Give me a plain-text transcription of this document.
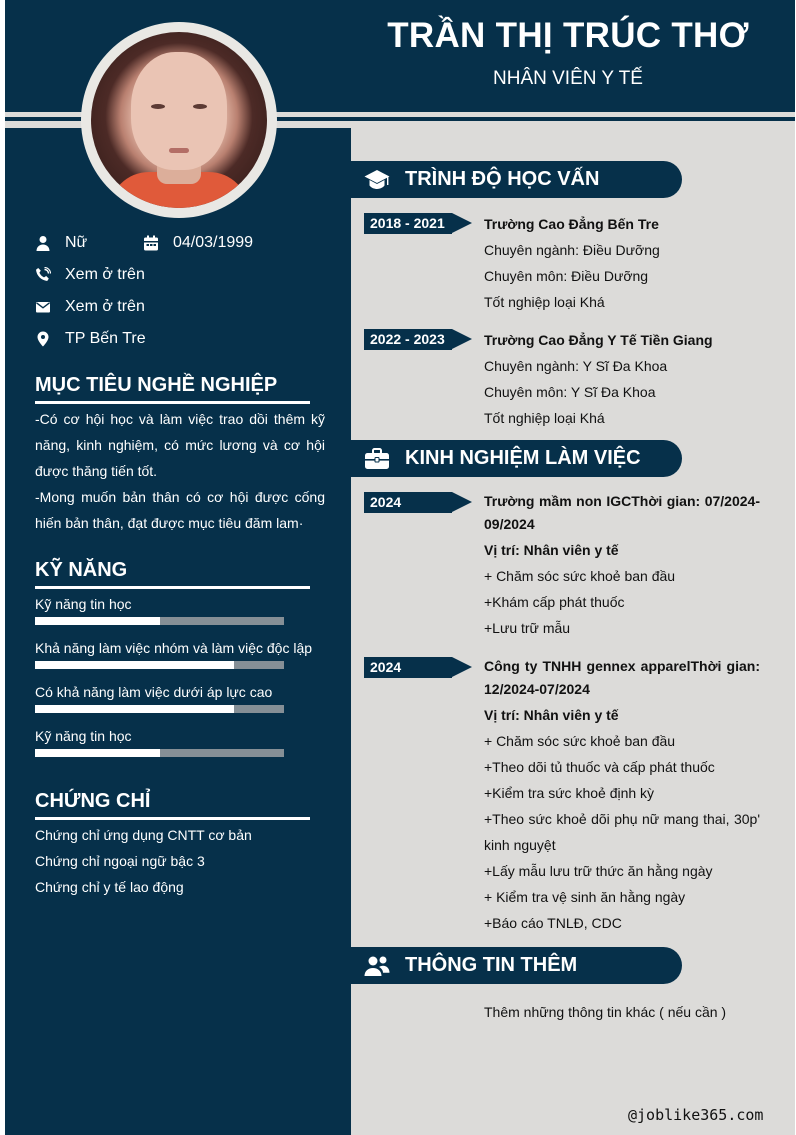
TRẦN THỊ TRÚC THƠ
NHÂN VIÊN Y TẾ
Nữ	04/03/1999
Xem ở trên
Xem ở trên
TP Bến Tre
MỤC TIÊU NGHỀ NGHIỆP
-Có cơ hội học và làm việc trao dồi thêm kỹ năng, kinh nghiệm, có mức lương và cơ hội được thăng tiến tốt.
-Mong muốn bản thân có cơ hội được cống hiến bản thân, đạt được mục tiêu đăm lam·
KỸ NĂNG
Kỹ năng tin học
Khả năng làm việc nhóm và làm việc độc lập
Có khả năng làm việc dưới áp lực cao
Kỹ năng tin học
CHỨNG CHỈ
Chứng chỉ ứng dụng CNTT cơ bản
Chứng chỉ ngoại ngữ bậc 3
Chứng chỉ y tế lao động
TRÌNH ĐỘ HỌC VẤN
2018 - 2021	Trường Cao Đẳng Bến Tre
Chuyên ngành: Điều Dưỡng
Chuyên môn: Điều Dưỡng
Tốt nghiệp loại Khá
2022 - 2023	Trường Cao Đẳng Y Tế Tiền Giang
Chuyên ngành: Y Sĩ Đa Khoa
Chuyên môn: Y Sĩ Đa Khoa
Tốt nghiệp loại Khá
KINH NGHIỆM LÀM VIỆC
2024	Trường mầm non IGCThời gian: 07/2024-09/2024
Vị trí: Nhân viên y tế
+ Chăm sóc sức khoẻ ban đầu
+Khám cấp phát thuốc
+Lưu trữ mẫu
2024	Công ty TNHH gennex apparelThời gian: 12/2024-07/2024
Vị trí: Nhân viên y tế
+ Chăm sóc sức khoẻ ban đầu
+Theo dõi tủ thuốc và cấp phát thuốc
+Kiểm tra sức khoẻ định kỳ
+Theo sức khoẻ dõi phụ nữ mang thai, 30p' kinh nguyệt
+Lấy mẫu lưu trữ thức ăn hằng ngày
+ Kiểm tra vệ sinh ăn hằng ngày
+Báo cáo TNLĐ, CDC
THÔNG TIN THÊM
Thêm những thông tin khác ( nếu cần )
@joblike365.com
